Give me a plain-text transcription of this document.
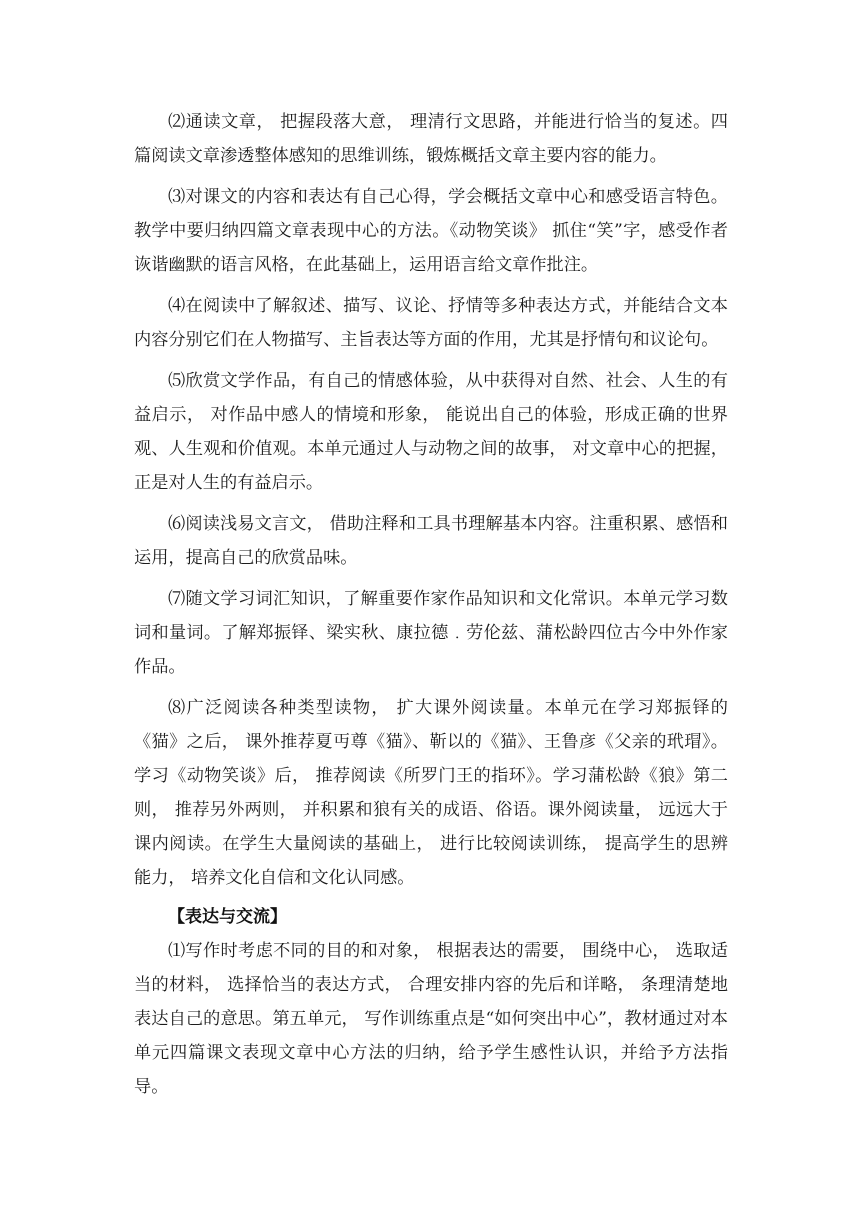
⑵通读文章， 把握段落大意， 理清行文思路，并能进行恰当的复述。四篇阅读文章渗透整体感知的思维训练，锻炼概括文章主要内容的能力。

⑶对课文的内容和表达有自己心得，学会概括文章中心和感受语言特色。教学中要归纳四篇文章表现中心的方法。《动物笑谈》 抓住“笑”字，感受作者诙谐幽默的语言风格，在此基础上，运用语言给文章作批注。

⑷在阅读中了解叙述、描写、议论、抒情等多种表达方式，并能结合文本内容分别它们在人物描写、主旨表达等方面的作用，尤其是抒情句和议论句。

⑸欣赏文学作品，有自己的情感体验，从中获得对自然、社会、人生的有益启示， 对作品中感人的情境和形象， 能说出自己的体验，形成正确的世界观、人生观和价值观。本单元通过人与动物之间的故事， 对文章中心的把握， 正是对人生的有益启示。

⑹阅读浅易文言文， 借助注释和工具书理解基本内容。注重积累、感悟和运用，提高自己的欣赏品味。

⑺随文学习词汇知识，了解重要作家作品知识和文化常识。本单元学习数词和量词。了解郑振铎、梁实秋、康拉德﹒劳伦兹、蒲松龄四位古今中外作家作品。

⑻广泛阅读各种类型读物， 扩大课外阅读量。本单元在学习郑振铎的《猫》之后， 课外推荐夏丏尊《猫》、靳以的《猫》、王鲁彦《父亲的玳瑁》。学习《动物笑谈》后， 推荐阅读《所罗门王的指环》。学习蒲松龄《狼》第二则， 推荐另外两则， 并积累和狼有关的成语、俗语。课外阅读量， 远远大于课内阅读。在学生大量阅读的基础上， 进行比较阅读训练， 提高学生的思辨能力， 培养文化自信和文化认同感。

【表达与交流】

⑴写作时考虑不同的目的和对象， 根据表达的需要， 围绕中心， 选取适当的材料， 选择恰当的表达方式， 合理安排内容的先后和详略， 条理清楚地表达自己的意思。第五单元， 写作训练重点是“如何突出中心”，教材通过对本单元四篇课文表现文章中心方法的归纳，给予学生感性认识，并给予方法指导。
